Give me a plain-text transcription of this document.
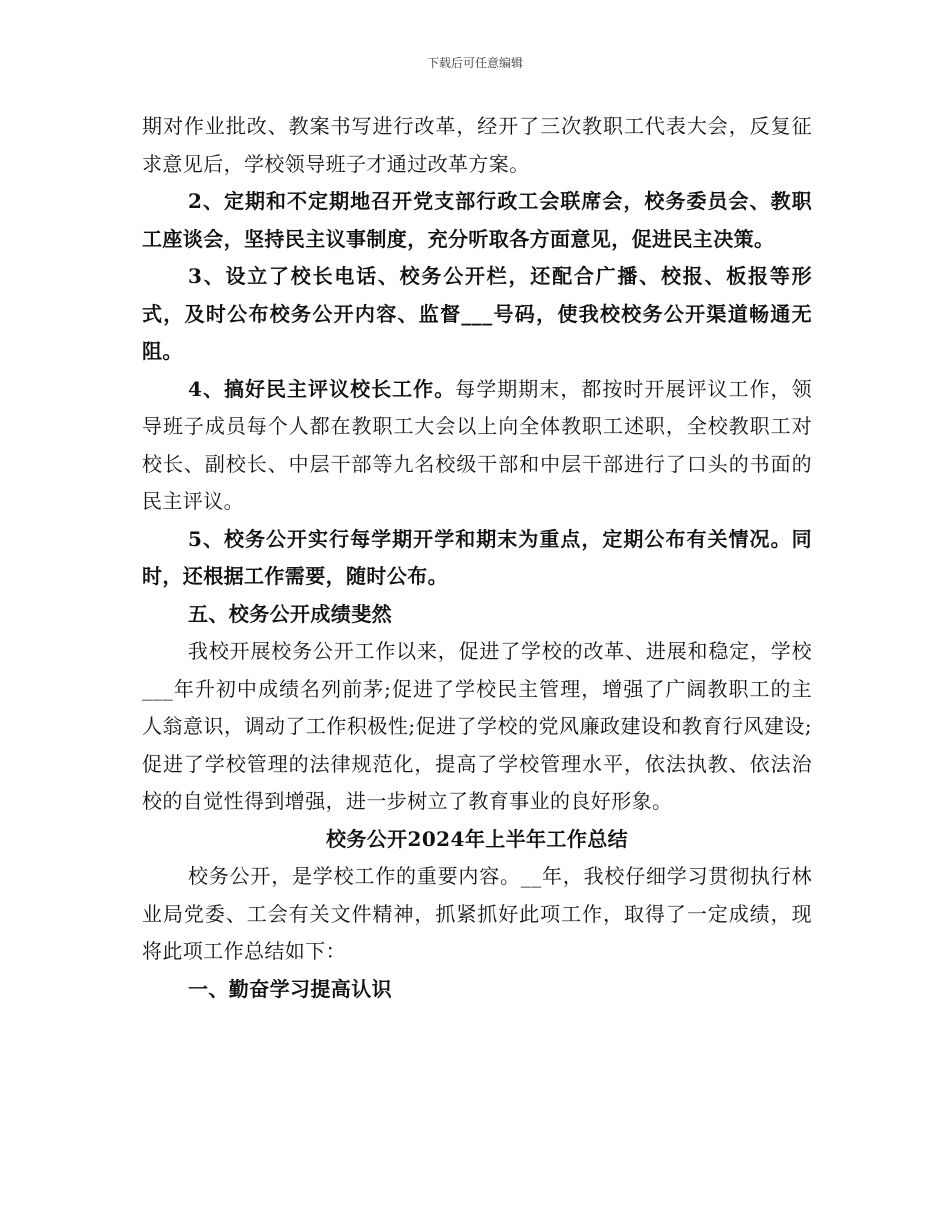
下载后可任意编辑

期对作业批改、教案书写进行改革，经开了三次教职工代表大会，反复征求意见后，学校领导班子才通过改革方案。

2、定期和不定期地召开党支部行政工会联席会，校务委员会、教职工座谈会，坚持民主议事制度，充分听取各方面意见，促进民主决策。

3、设立了校长电话、校务公开栏，还配合广播、校报、板报等形式，及时公布校务公开内容、监督___号码，使我校校务公开渠道畅通无阻。

4、搞好民主评议校长工作。每学期期末，都按时开展评议工作，领导班子成员每个人都在教职工大会以上向全体教职工述职，全校教职工对校长、副校长、中层干部等九名校级干部和中层干部进行了口头的书面的民主评议。

5、校务公开实行每学期开学和期末为重点，定期公布有关情况。同时，还根据工作需要，随时公布。

五、校务公开成绩斐然

我校开展校务公开工作以来，促进了学校的改革、进展和稳定，学校___年升初中成绩名列前茅;促进了学校民主管理，增强了广阔教职工的主人翁意识，调动了工作积极性;促进了学校的党风廉政建设和教育行风建设;促进了学校管理的法律规范化，提高了学校管理水平，依法执教、依法治校的自觉性得到增强，进一步树立了教育事业的良好形象。

校务公开2024年上半年工作总结

校务公开，是学校工作的重要内容。__年，我校仔细学习贯彻执行林业局党委、工会有关文件精神，抓紧抓好此项工作，取得了一定成绩，现将此项工作总结如下：

一、勤奋学习提高认识
